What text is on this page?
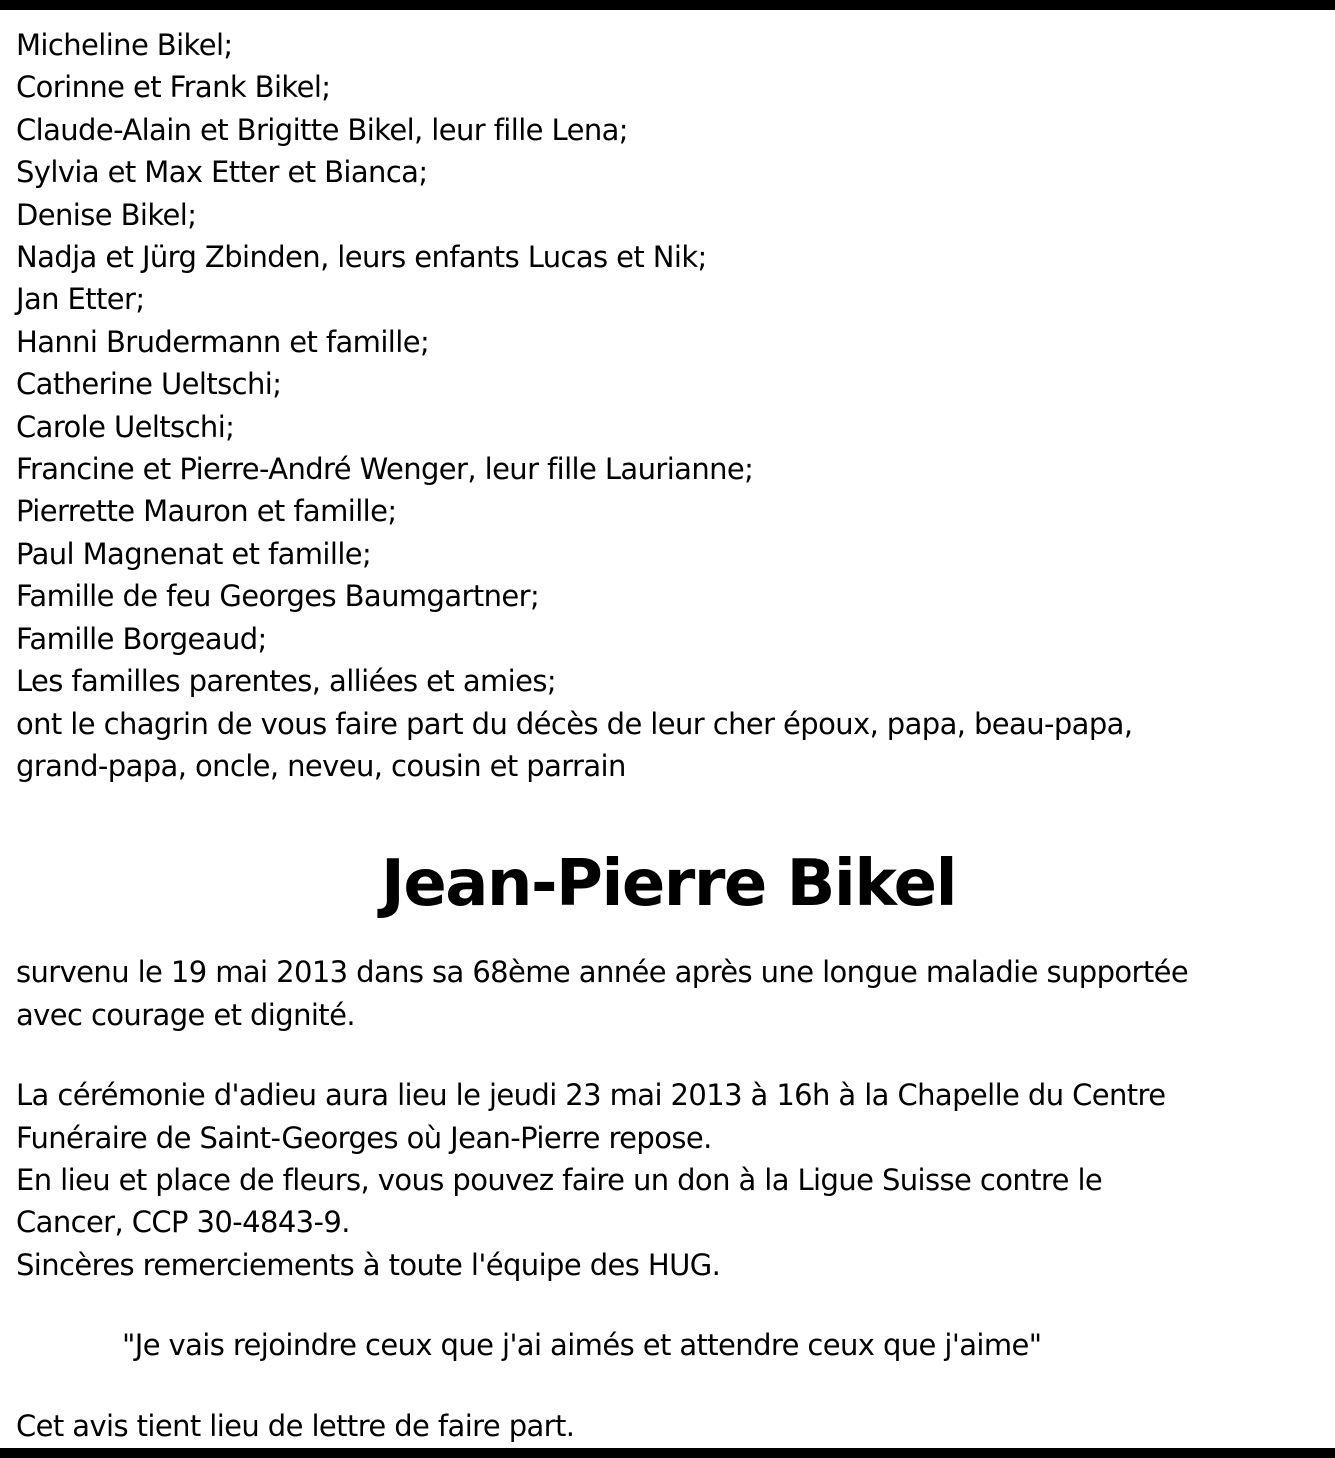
Micheline Bikel;

Corinne et Frank Bikel;

Claude-Alain et Brigitte Bikel, leur fille Lena;

Sylvia et Max Etter et Bianca;

Denise Bikel;

Nadja et Jürg Zbinden, leurs enfants Lucas et Nik;

Jan Etter;

Hanni Brudermann et famille;

Catherine Ueltschi;

Carole Ueltschi;

Francine et Pierre-André Wenger, leur fille Laurianne;

Pierrette Mauron et famille;

Paul Magnenat et famille;

Famille de feu Georges Baumgartner;

Famille Borgeaud;

Les familles parentes, alliées et amies;

ont le chagrin de vous faire part du décès de leur cher époux, papa, beau-papa,

grand-papa, oncle, neveu, cousin et parrain

Jean-Pierre Bikel

survenu le 19 mai 2013 dans sa 68ème année après une longue maladie supportée

avec courage et dignité.

La cérémonie d'adieu aura lieu le jeudi 23 mai 2013 à 16h à la Chapelle du Centre

Funéraire de Saint-Georges où Jean-Pierre repose.

En lieu et place de fleurs, vous pouvez faire un don à la Ligue Suisse contre le

Cancer, CCP 30-4843-9.

Sincères remerciements à toute l'équipe des HUG.

"Je vais rejoindre ceux que j'ai aimés et attendre ceux que j'aime"

Cet avis tient lieu de lettre de faire part.
